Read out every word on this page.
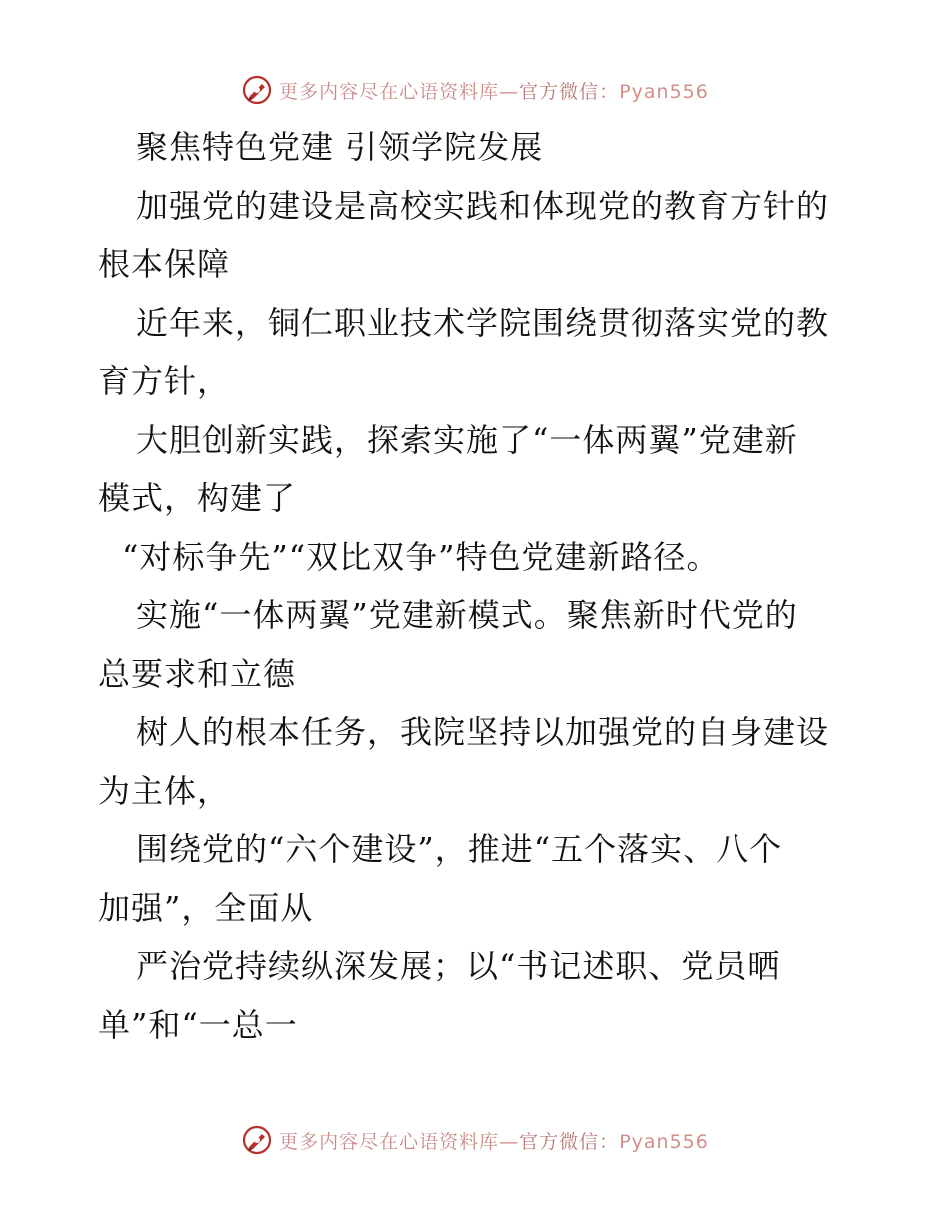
更多内容尽在心语资料库—官方微信：Pyan556
聚焦特色党建 引领学院发展
加强党的建设是高校实践和体现党的教育方针的
根本保障
近年来，铜仁职业技术学院围绕贯彻落实党的教
育方针，
大胆创新实践，探索实施了“一体两翼”党建新
模式，构建了
“对标争先”“双比双争”特色党建新路径。
实施“一体两翼”党建新模式。聚焦新时代党的
总要求和立德
树人的根本任务，我院坚持以加强党的自身建设
为主体，
围绕党的“六个建设”，推进“五个落实、八个
加强”，全面从
严治党持续纵深发展；以“书记述职、党员晒
单”和“一总一
更多内容尽在心语资料库—官方微信：Pyan556
